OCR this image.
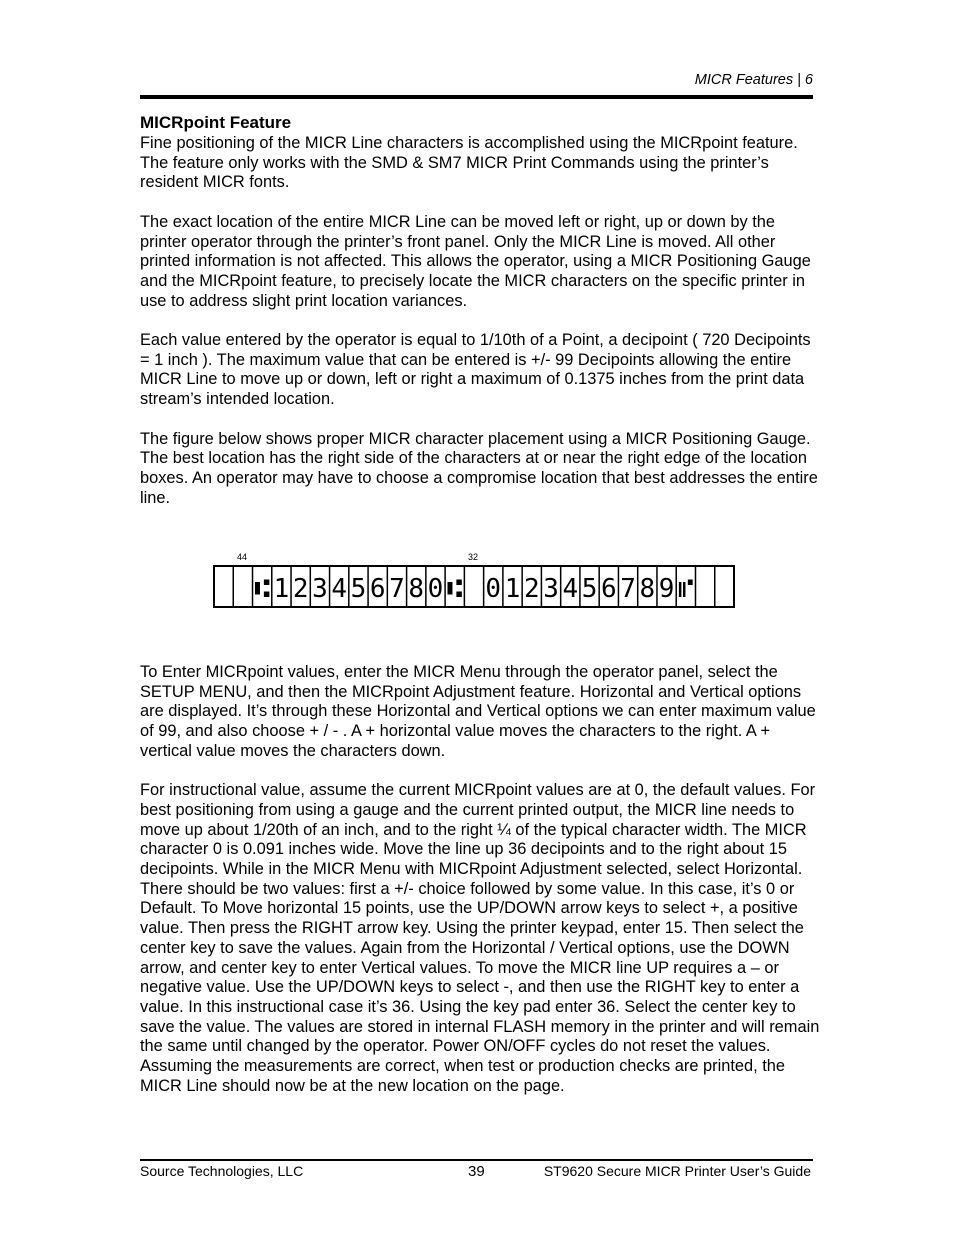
MICR Features | 6
MICRpoint Feature

Fine positioning of the MICR Line characters is accomplished using the MICRpoint feature. The feature only works with the SMD & SM7 MICR Print Commands using the printer’s resident MICR fonts.

The exact location of the entire MICR Line can be moved left or right, up or down by the printer operator through the printer’s front panel. Only the MICR Line is moved. All other printed information is not affected. This allows the operator, using a MICR Positioning Gauge and the MICRpoint feature, to precisely locate the MICR characters on the specific printer in use to address slight print location variances.

Each value entered by the operator is equal to 1/10th of a Point, a decipoint ( 720 Decipoints = 1 inch ). The maximum value that can be entered is +/- 99 Decipoints allowing the entire MICR Line to move up or down, left or right a maximum of 0.1375 inches from the print data stream’s intended location.

The figure below shows proper MICR character placement using a MICR Positioning Gauge. The best location has the right side of the characters at or near the right edge of the location boxes. An operator may have to choose a compromise location that best addresses the entire line.

44	32
⑆ 1 2 3 4 5 6 7 8 0 ⑆ 0 1 2 3 4 5 6 7 8 9 ⑈

To Enter MICRpoint values, enter the MICR Menu through the operator panel, select the SETUP MENU, and then the MICRpoint Adjustment feature. Horizontal and Vertical options are displayed. It’s through these Horizontal and Vertical options we can enter maximum value of 99, and also choose + / - . A + horizontal value moves the characters to the right. A + vertical value moves the characters down.

For instructional value, assume the current MICRpoint values are at 0, the default values. For best positioning from using a gauge and the current printed output, the MICR line needs to move up about 1/20th of an inch, and to the right ¼ of the typical character width. The MICR character 0 is 0.091 inches wide. Move the line up 36 decipoints and to the right about 15 decipoints. While in the MICR Menu with MICRpoint Adjustment selected, select Horizontal. There should be two values: first a +/- choice followed by some value. In this case, it’s 0 or Default. To Move horizontal 15 points, use the UP/DOWN arrow keys to select +, a positive value. Then press the RIGHT arrow key. Using the printer keypad, enter 15. Then select the center key to save the values. Again from the Horizontal / Vertical options, use the DOWN arrow, and center key to enter Vertical values. To move the MICR line UP requires a – or negative value. Use the UP/DOWN keys to select -, and then use the RIGHT key to enter a value. In this instructional case it’s 36. Using the key pad enter 36. Select the center key to save the value. The values are stored in internal FLASH memory in the printer and will remain the same until changed by the operator. Power ON/OFF cycles do not reset the values. Assuming the measurements are correct, when test or production checks are printed, the MICR Line should now be at the new location on the page.

Source Technologies, LLC	39	ST9620 Secure MICR Printer User’s Guide
